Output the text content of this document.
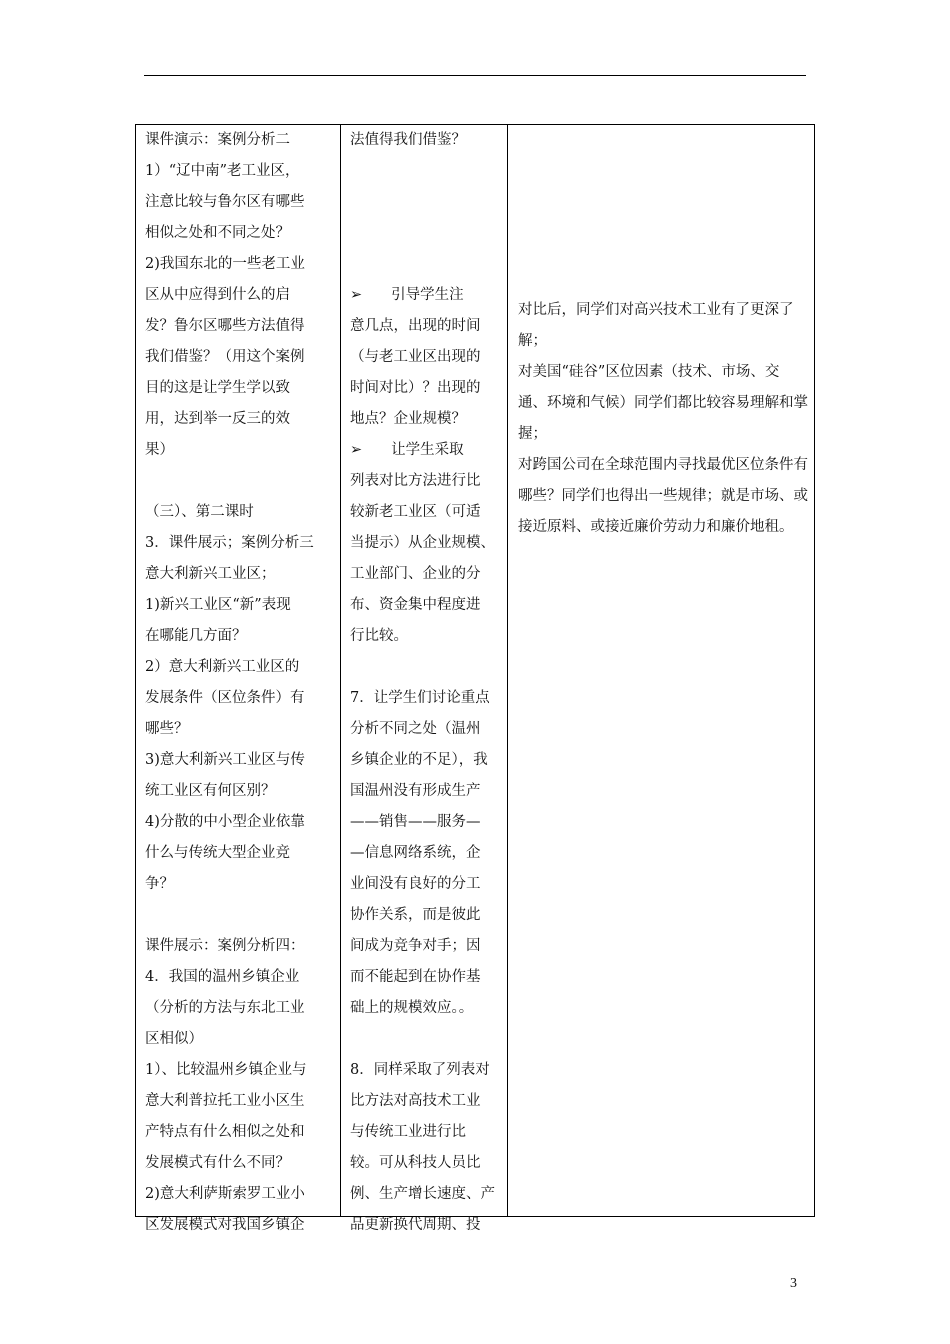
课件演示：案例分析二
1）“辽中南”老工业区，
注意比较与鲁尔区有哪些
相似之处和不同之处？
2)我国东北的一些老工业
区从中应得到什么的启
发？鲁尔区哪些方法值得
我们借鉴？（用这个案例
目的这是让学生学以致
用，达到举一反三的效
果）
（三）、第二课时
3．课件展示；案例分析三
意大利新兴工业区；
1)新兴工业区“新”表现
在哪能几方面？
2）意大利新兴工业区的
发展条件（区位条件）有
哪些？
3)意大利新兴工业区与传
统工业区有何区别？
4)分散的中小型企业依靠
什么与传统大型企业竞
争？
课件展示：案例分析四：
4．我国的温州乡镇企业
（分析的方法与东北工业
区相似）
1）、比较温州乡镇企业与
意大利普拉托工业小区生
产特点有什么相似之处和
发展模式有什么不同？
2)意大利萨斯索罗工业小
区发展模式对我国乡镇企
法值得我们借鉴？
➢　　引导学生注
意几点，出现的时间
（与老工业区出现的
时间对比）？出现的
地点？企业规模？
➢　　让学生采取
列表对比方法进行比
较新老工业区（可适
当提示）从企业规模、
工业部门、企业的分
布、资金集中程度进
行比较。
7．让学生们讨论重点
分析不同之处（温州
乡镇企业的不足），我
国温州没有形成生产
——销售——服务—
—信息网络系统，企
业间没有良好的分工
协作关系，而是彼此
间成为竞争对手；因
而不能起到在协作基
础上的规模效应。。
8．同样采取了列表对
比方法对高技术工业
与传统工业进行比
较。可从科技人员比
例、生产增长速度、产
品更新换代周期、投
对比后，同学们对高兴技术工业有了更深了解；
对美国“硅谷”区位因素（技术、市场、交通、环境和气候）同学们都比较容易理解和掌握；
对跨国公司在全球范围内寻找最优区位条件有哪些？同学们也得出一些规律；就是市场、或接近原料、或接近廉价劳动力和廉价地租。
3
